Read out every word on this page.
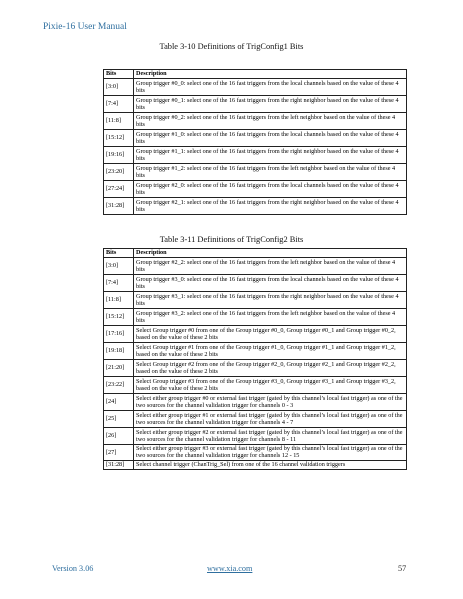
Pixie-16 User Manual
Table 3-10 Definitions of TrigConfig1 Bits
Bits	Description
[3:0]	Group trigger #0_0: select one of the 16 fast triggers from the local channels based on the value of these 4 bits
[7:4]	Group trigger #0_1: select one of the 16 fast triggers from the right neighbor based on the value of these 4 bits
[11:8]	Group trigger #0_2: select one of the 16 fast triggers from the left neighbor based on the value of these 4 bits
[15:12]	Group trigger #1_0: select one of the 16 fast triggers from the local channels based on the value of these 4 bits
[19:16]	Group trigger #1_1: select one of the 16 fast triggers from the right neighbor based on the value of these 4 bits
[23:20]	Group trigger #1_2: select one of the 16 fast triggers from the left neighbor based on the value of these 4 bits
[27:24]	Group trigger #2_0: select one of the 16 fast triggers from the local channels based on the value of these 4 bits
[31:28]	Group trigger #2_1: select one of the 16 fast triggers from the right neighbor based on the value of these 4 bits
Table 3-11 Definitions of TrigConfig2 Bits
Bits	Description
[3:0]	Group trigger #2_2: select one of the 16 fast triggers from the left neighbor based on the value of these 4 bits
[7:4]	Group trigger #3_0: select one of the 16 fast triggers from the local channels based on the value of these 4 bits
[11:8]	Group trigger #3_1: select one of the 16 fast triggers from the right neighbor based on the value of these 4 bits
[15:12]	Group trigger #3_2: select one of the 16 fast triggers from the left neighbor based on the value of these 4 bits
[17:16]	Select Group trigger #0 from one of the Group trigger #0_0, Group trigger #0_1 and Group trigger #0_2, based on the value of these 2 bits
[19:18]	Select Group trigger #1 from one of the Group trigger #1_0, Group trigger #1_1 and Group trigger #1_2, based on the value of these 2 bits
[21:20]	Select Group trigger #2 from one of the Group trigger #2_0, Group trigger #2_1 and Group trigger #2_2, based on the value of these 2 bits
[23:22]	Select Group trigger #3 from one of the Group trigger #3_0, Group trigger #3_1 and Group trigger #3_2, based on the value of these 2 bits
[24]	Select either group trigger #0 or external fast trigger (gated by this channel’s local fast trigger) as one of the two sources for the channel validation trigger for channels 0 - 3
[25]	Select either group trigger #1 or external fast trigger (gated by this channel’s local fast trigger) as one of the two sources for the channel validation trigger for channels 4 - 7
[26]	Select either group trigger #2 or external fast trigger (gated by this channel’s local fast trigger) as one of the two sources for the channel validation trigger for channels 8 - 11
[27]	Select either group trigger #3 or external fast trigger (gated by this channel’s local fast trigger) as one of the two sources for the channel validation trigger for channels 12 - 15
[31:28]	Select channel trigger (ChanTrig_Sel) from one of the 16 channel validation triggers
Version 3.06	www.xia.com	57
